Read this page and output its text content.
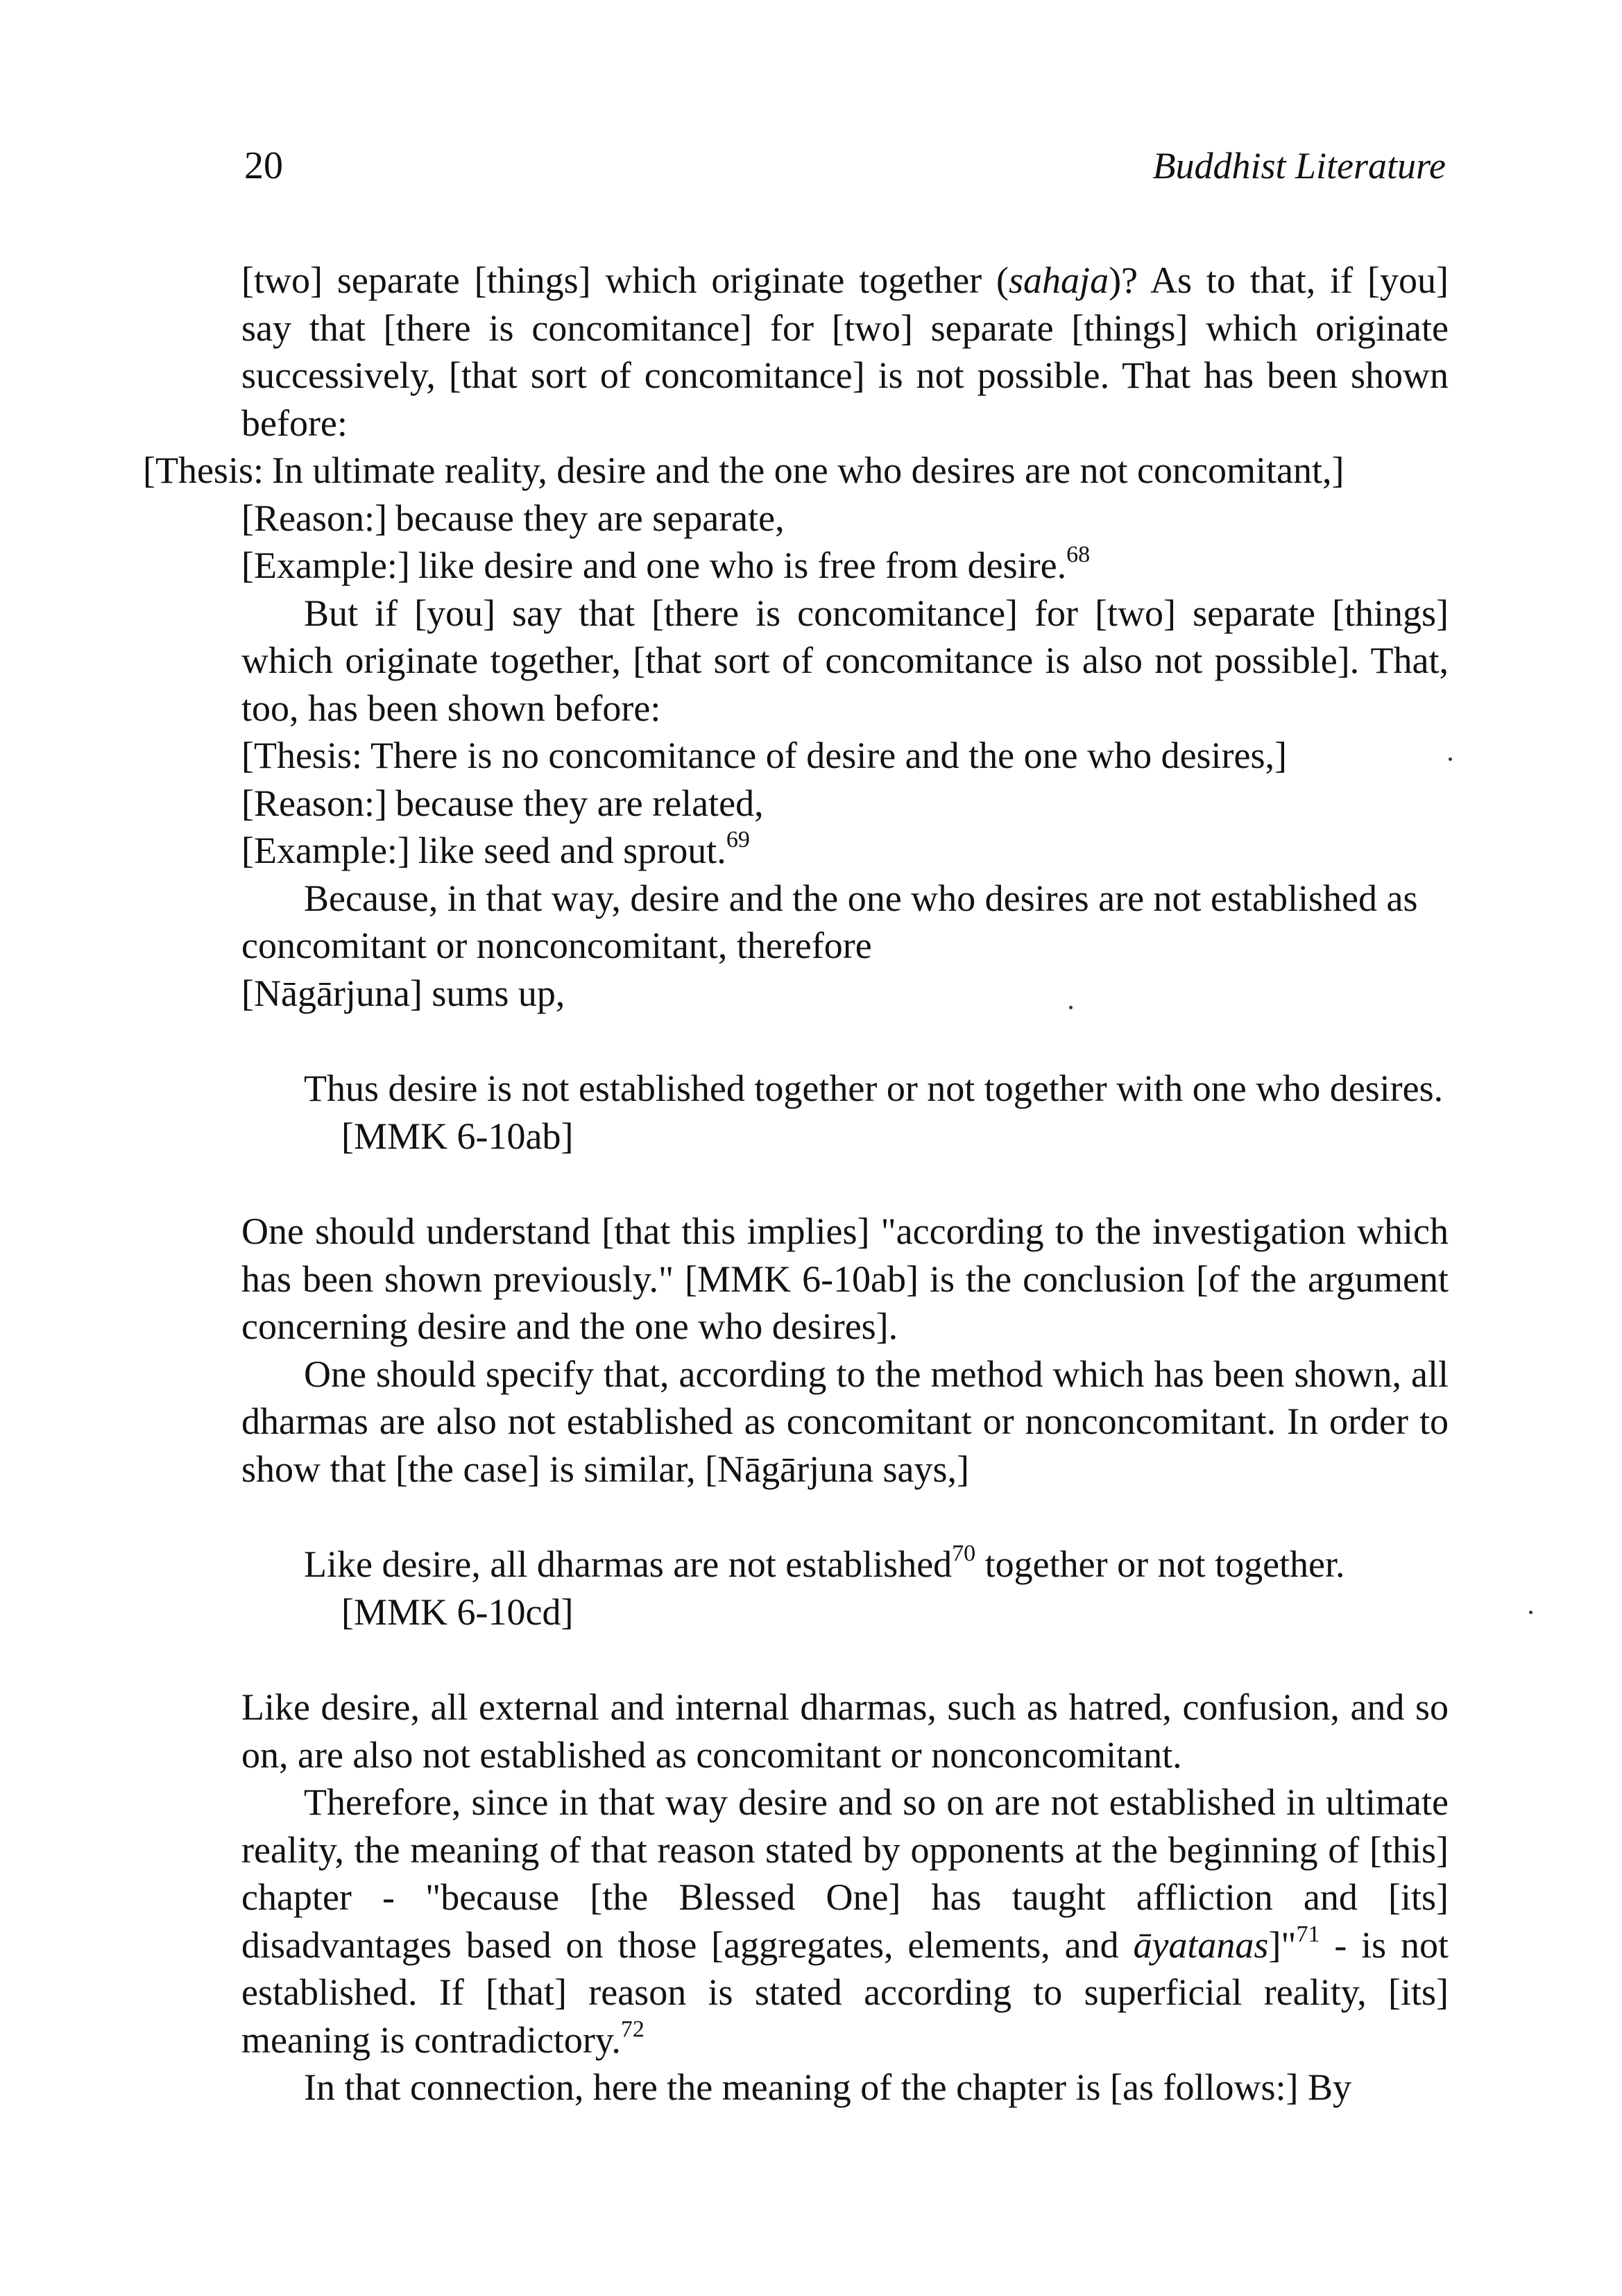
20	Buddhist Literature

[two] separate [things] which originate together (sahaja)? As to that, if [you] say that [there is concomitance] for [two] separate [things] which originate successively, [that sort of concomitance] is not possible. That has been shown before:

[Thesis: In ultimate reality, desire and the one who desires are not concomitant,]

[Reason:] because they are separate,

[Example:] like desire and one who is free from desire.$^{68}$

But if [you] say that [there is concomitance] for [two] separate [things] which originate together, [that sort of concomitance is also not possible]. That, too, has been shown before:

[Thesis: There is no concomitance of desire and the one who desires,]

[Reason:] because they are related,

[Example:] like seed and sprout.$^{69}$

Because, in that way, desire and the one who desires are not established as concomitant or nonconcomitant, therefore

[Nāgārjuna] sums up,

Thus desire is not established together or not together with one who desires. [MMK 6-10ab]

One should understand [that this implies] "according to the investigation which has been shown previously." [MMK 6-10ab] is the conclusion [of the argument concerning desire and the one who desires].

One should specify that, according to the method which has been shown, all dharmas are also not established as concomitant or nonconcomitant. In order to show that [the case] is similar, [Nāgārjuna says,]

Like desire, all dharmas are not established$^{70}$ together or not together. [MMK 6-10cd]

Like desire, all external and internal dharmas, such as hatred, confusion, and so on, are also not established as concomitant or nonconcomitant.

Therefore, since in that way desire and so on are not established in ultimate reality, the meaning of that reason stated by opponents at the beginning of [this] chapter - "because [the Blessed One] has taught affliction and [its] disadvantages based on those [aggregates, elements, and āyatanas]"$^{71}$ - is not established. If [that] reason is stated according to superficial reality, [its] meaning is contradictory.$^{72}$

In that connection, here the meaning of the chapter is [as follows:] By
